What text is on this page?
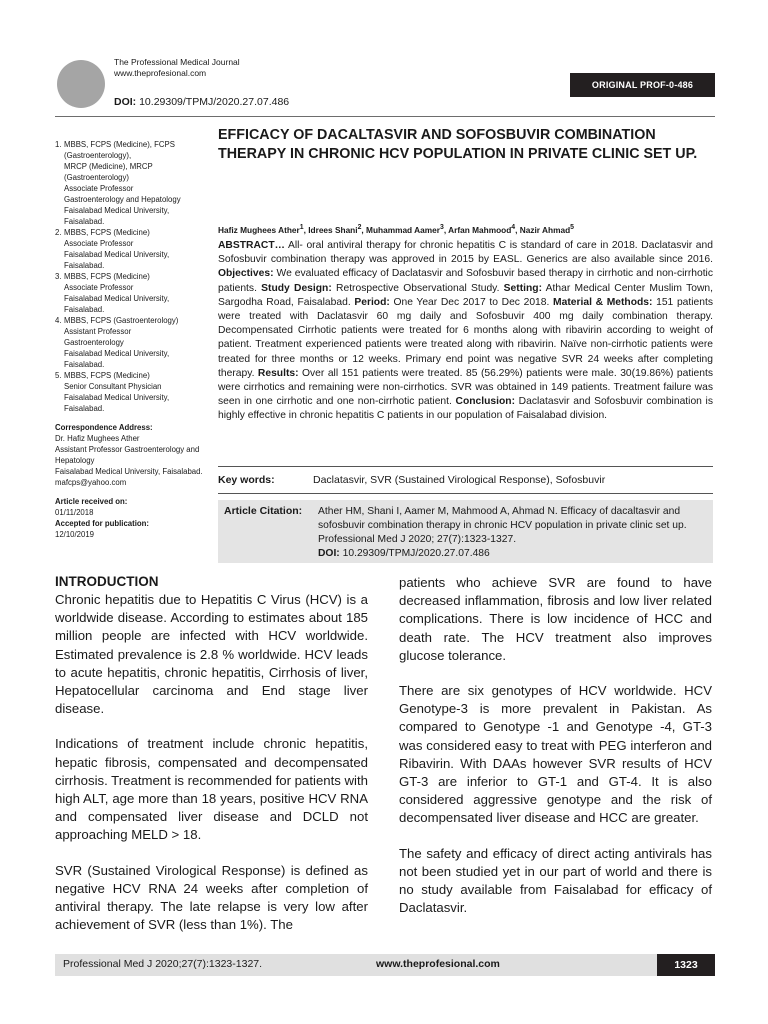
The Professional Medical Journal
www.theprofesional.com
DOI: 10.29309/TPMJ/2020.27.07.486
ORIGINAL PROF-0-486
1. MBBS, FCPS (Medicine), FCPS (Gastroenterology),
MRCP (Medicine), MRCP (Gastroenterology)
Associate Professor
Gastroenterology and Hepatology
Faisalabad Medical University, Faisalabad.
2. MBBS, FCPS (Medicine)
Associate Professor
Faisalabad Medical University, Faisalabad.
3. MBBS, FCPS (Medicine)
Associate Professor
Faisalabad Medical University, Faisalabad.
4. MBBS, FCPS (Gastroenterology)
Assistant Professor
Gastroenterology
Faisalabad Medical University, Faisalabad.
5. MBBS, FCPS (Medicine)
Senior Consultant Physician
Faisalabad Medical University, Faisalabad.
Correspondence Address:
Dr. Hafiz Mughees Ather
Assistant Professor Gastroenterology and Hepatology
Faisalabad Medical University, Faisalabad.
mafcps@yahoo.com
Article received on:
01/11/2018
Accepted for publication:
12/10/2019
EFFICACY OF DACALTASVIR AND SOFOSBUVIR COMBINATION THERAPY IN CHRONIC HCV POPULATION IN PRIVATE CLINIC SET UP.
Hafiz Mughees Ather$^1$, Idrees Shani$^2$, Muhammad Aamer$^3$, Arfan Mahmood$^4$, Nazir Ahmad$^5$
ABSTRACT… All- oral antiviral therapy for chronic hepatitis C is standard of care in 2018. Daclatasvir and Sofosbuvir combination therapy was approved in 2015 by EASL. Generics are also available since 2016. Objectives: We evaluated efficacy of Daclatasvir and Sofosbuvir based therapy in cirrhotic and non-cirrhotic patients. Study Design: Retrospective Observational Study. Setting: Athar Medical Center Muslim Town, Sargodha Road, Faisalabad. Period: One Year Dec 2017 to Dec 2018. Material & Methods: 151 patients were treated with Daclatasvir 60 mg daily and Sofosbuvir 400 mg daily combination therapy. Decompensated Cirrhotic patients were treated for 6 months along with ribavirin according to weight of patient. Treatment experienced patients were treated along with ribavirin. Naïve non-cirrhotic patients were treated for three months or 12 weeks. Primary end point was negative SVR 24 weeks after completing therapy. Results: Over all 151 patients were treated. 85 (56.29%) patients were male. 30(19.86%) patients were cirrhotics and remaining were non-cirrhotics. SVR was obtained in 149 patients. Treatment failure was seen in one cirrhotic and one non-cirrhotic patient. Conclusion: Daclatasvir and Sofosbuvir combination is highly effective in chronic hepatitis C patients in our population of Faisalabad division.
Key words:	Daclatasvir, SVR (Sustained Virological Response), Sofosbuvir
Article Citation: Ather HM, Shani I, Aamer M, Mahmood A, Ahmad N. Efficacy of dacaltasvir and sofosbuvir combination therapy in chronic HCV population in private clinic set up. Professional Med J 2020; 27(7):1323-1327.
DOI: 10.29309/TPMJ/2020.27.07.486
INTRODUCTION

Chronic hepatitis due to Hepatitis C Virus (HCV) is a worldwide disease. According to estimates about 185 million people are infected with HCV worldwide. Estimated prevalence is 2.8 % worldwide. HCV leads to acute hepatitis, chronic hepatitis, Cirrhosis of liver, Hepatocellular carcinoma and End stage liver disease.

Indications of treatment include chronic hepatitis, hepatic fibrosis, compensated and decompensated cirrhosis. Treatment is recommended for patients with high ALT, age more than 18 years, positive HCV RNA and compensated liver disease and DCLD not approaching MELD > 18.

SVR (Sustained Virological Response) is defined as negative HCV RNA 24 weeks after completion of antiviral therapy. The late relapse is very low after achievement of SVR (less than 1%). The

patients who achieve SVR are found to have decreased inflammation, fibrosis and low liver related complications. There is low incidence of HCC and death rate. The HCV treatment also improves glucose tolerance.

There are six genotypes of HCV worldwide. HCV Genotype-3 is more prevalent in Pakistan. As compared to Genotype -1 and Genotype -4, GT-3 was considered easy to treat with PEG interferon and Ribavirin. With DAAs however SVR results of HCV GT-3 are inferior to GT-1 and GT-4. It is also considered aggressive genotype and the risk of decompensated liver disease and HCC are greater.

The safety and efficacy of direct acting antivirals has not been studied yet in our part of world and there is no study available from Faisalabad for efficacy of Daclatasvir.

Professional Med J 2020;27(7):1323-1327.	www.theprofesional.com	1323
